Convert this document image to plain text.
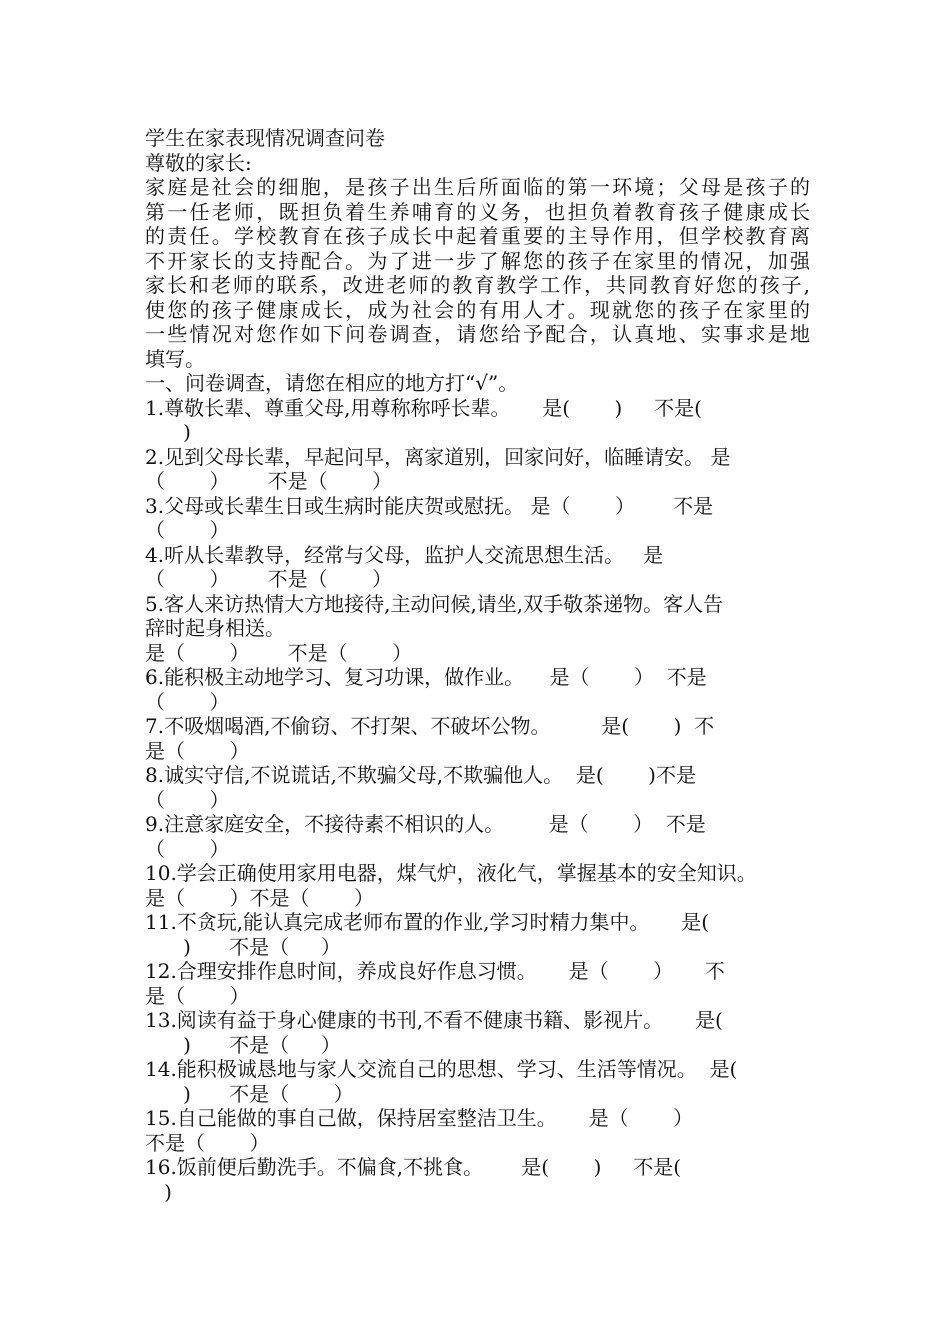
学生在家表现情况调查问卷
尊敬的家长:
家庭是社会的细胞，是孩子出生后所面临的第一环境；父母是孩子的
第一任老师，既担负着生养哺育的义务，也担负着教育孩子健康成长
的责任。学校教育在孩子成长中起着重要的主导作用，但学校教育离
不开家长的支持配合。为了进一步了解您的孩子在家里的情况，加强
家长和老师的联系，改进老师的教育教学工作，共同教育好您的孩子,
使您的孩子健康成长，成为社会的有用人才。现就您的孩子在家里的
一些情况对您作如下问卷调查，请您给予配合，认真地、实事求是地
填写。
一、问卷调查，请您在相应的地方打“√”。
1.尊敬长辈、尊重父母,用尊称称呼长辈。     是(       )     不是(
)
2.见到父母长辈，早起问早，离家道别，回家问好，临睡请安。 是
（       ）      不是（       ）
3.父母或长辈生日或生病时能庆贺或慰抚。 是（       ）      不是
（       ）
4.听从长辈教导，经常与父母，监护人交流思想生活。   是
（       ）      不是（       ）
5.客人来访热情大方地接待,主动问候,请坐,双手敬茶递物。客人告
辞时起身相送。
是（       ）      不是（       ）
6.能积极主动地学习、复习功课，做作业。    是（       ）  不是
（       ）
7.不吸烟喝酒,不偷窃、不打架、不破坏公物。        是(       )  不
是（       ）
8.诚实守信,不说谎话,不欺骗父母,不欺骗他人。  是(       )不是
（       ）
9.注意家庭安全，不接待素不相识的人。       是（       ）  不是
（       ）
10.学会正确使用家用电器，煤气炉，液化气，掌握基本的安全知识。
是（       ）不是（       ）
11.不贪玩,能认真完成老师布置的作业,学习时精力集中。     是(
)      不是（     ）
12.合理安排作息时间，养成良好作息习惯。     是（       ）     不
是（       ）
13.阅读有益于身心健康的书刊,不看不健康书籍、影视片。     是(
)      不是（     ）
14.能积极诚恳地与家人交流自己的思想、学习、生活等情况。  是(
)      不是（       ）
15.自己能做的事自己做，保持居室整洁卫生。     是（       ）
不是（       ）
16.饭前便后勤洗手。不偏食,不挑食。      是(       )     不是(
)
